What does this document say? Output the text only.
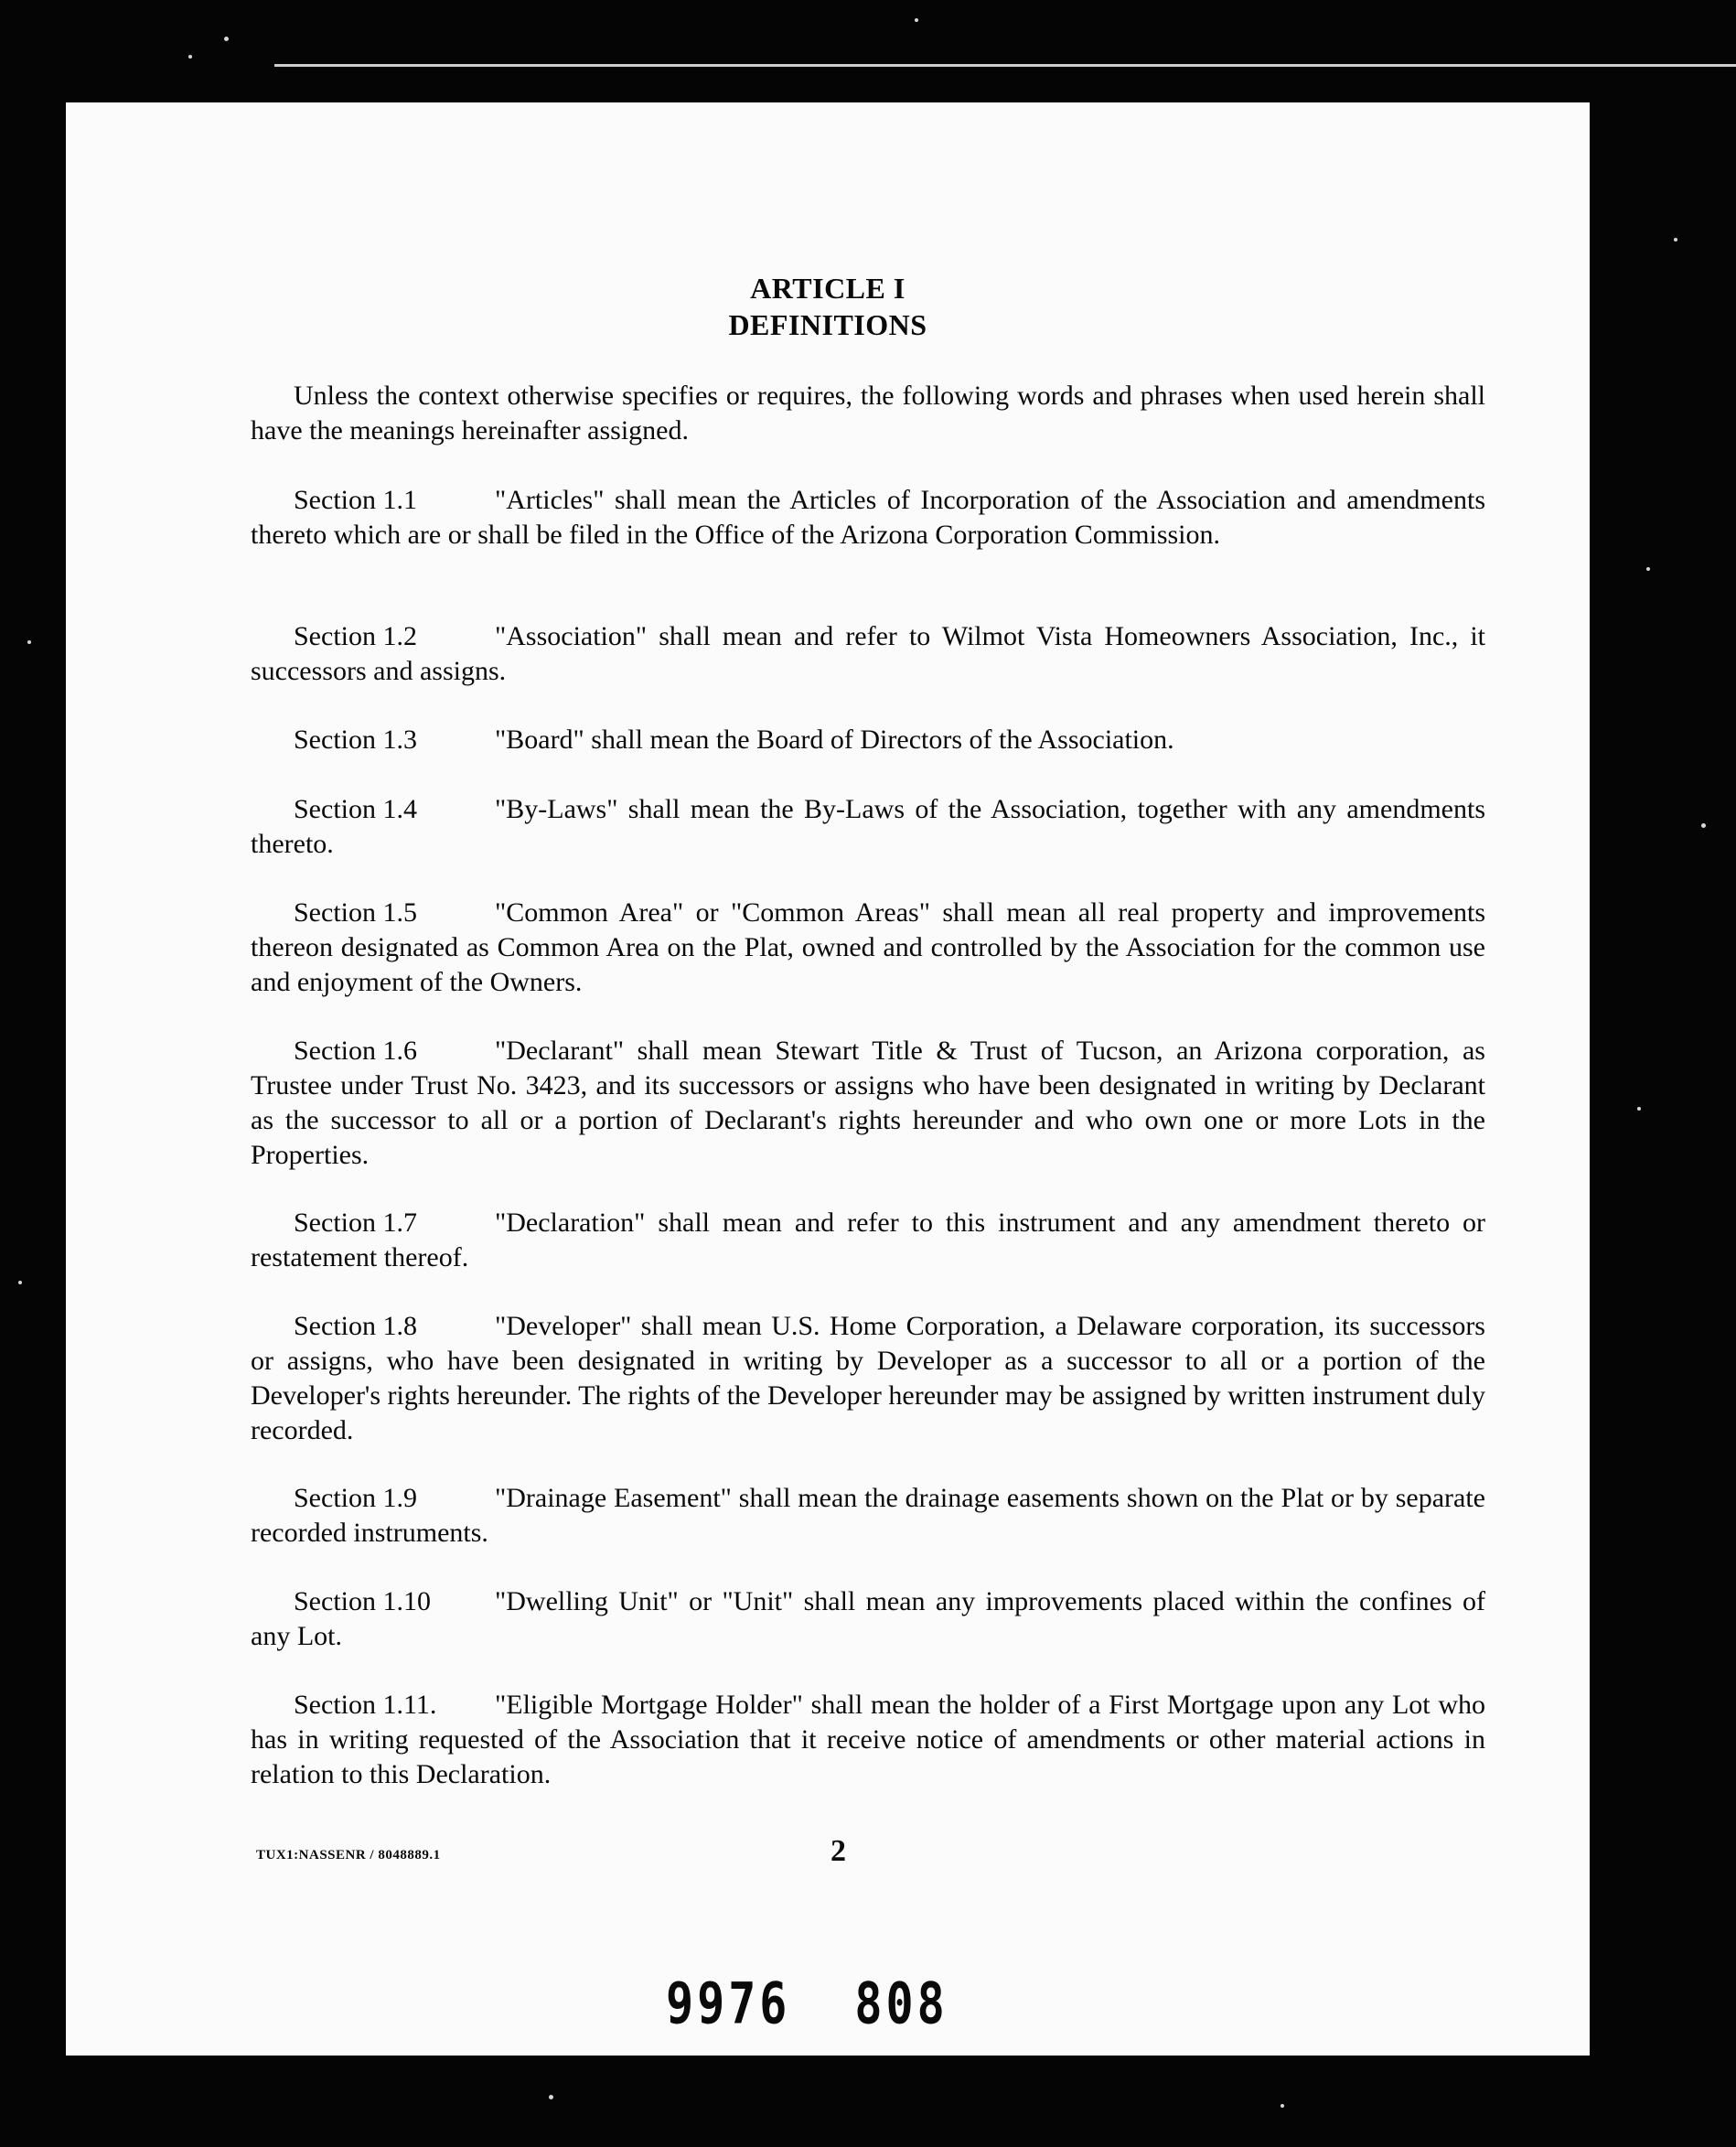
ARTICLE I
DEFINITIONS

Unless the context otherwise specifies or requires, the following words and phrases when used herein shall have the meanings hereinafter assigned.

Section 1.1	"Articles" shall mean the Articles of Incorporation of the Association and amendments thereto which are or shall be filed in the Office of the Arizona Corporation Commission.

Section 1.2	"Association" shall mean and refer to Wilmot Vista Homeowners Association, Inc., it successors and assigns.

Section 1.3	"Board" shall mean the Board of Directors of the Association.

Section 1.4	"By-Laws" shall mean the By-Laws of the Association, together with any amendments thereto.

Section 1.5	"Common Area" or "Common Areas" shall mean all real property and improvements thereon designated as Common Area on the Plat, owned and controlled by the Association for the common use and enjoyment of the Owners.

Section 1.6	"Declarant" shall mean Stewart Title & Trust of Tucson, an Arizona corporation, as Trustee under Trust No. 3423, and its successors or assigns who have been designated in writing by Declarant as the successor to all or a portion of Declarant's rights hereunder and who own one or more Lots in the Properties.

Section 1.7	"Declaration" shall mean and refer to this instrument and any amendment thereto or restatement thereof.

Section 1.8	"Developer" shall mean U.S. Home Corporation, a Delaware corporation, its successors or assigns, who have been designated in writing by Developer as a successor to all or a portion of the Developer's rights hereunder. The rights of the Developer hereunder may be assigned by written instrument duly recorded.

Section 1.9	"Drainage Easement" shall mean the drainage easements shown on the Plat or by separate recorded instruments.

Section 1.10 "Dwelling Unit" or "Unit" shall mean any improvements placed within the confines of any Lot.

Section 1.11. "Eligible Mortgage Holder" shall mean the holder of a First Mortgage upon any Lot who has in writing requested of the Association that it receive notice of amendments or other material actions in relation to this Declaration.

TUX1:NASSENR / 8048889.1	2
9976 808
